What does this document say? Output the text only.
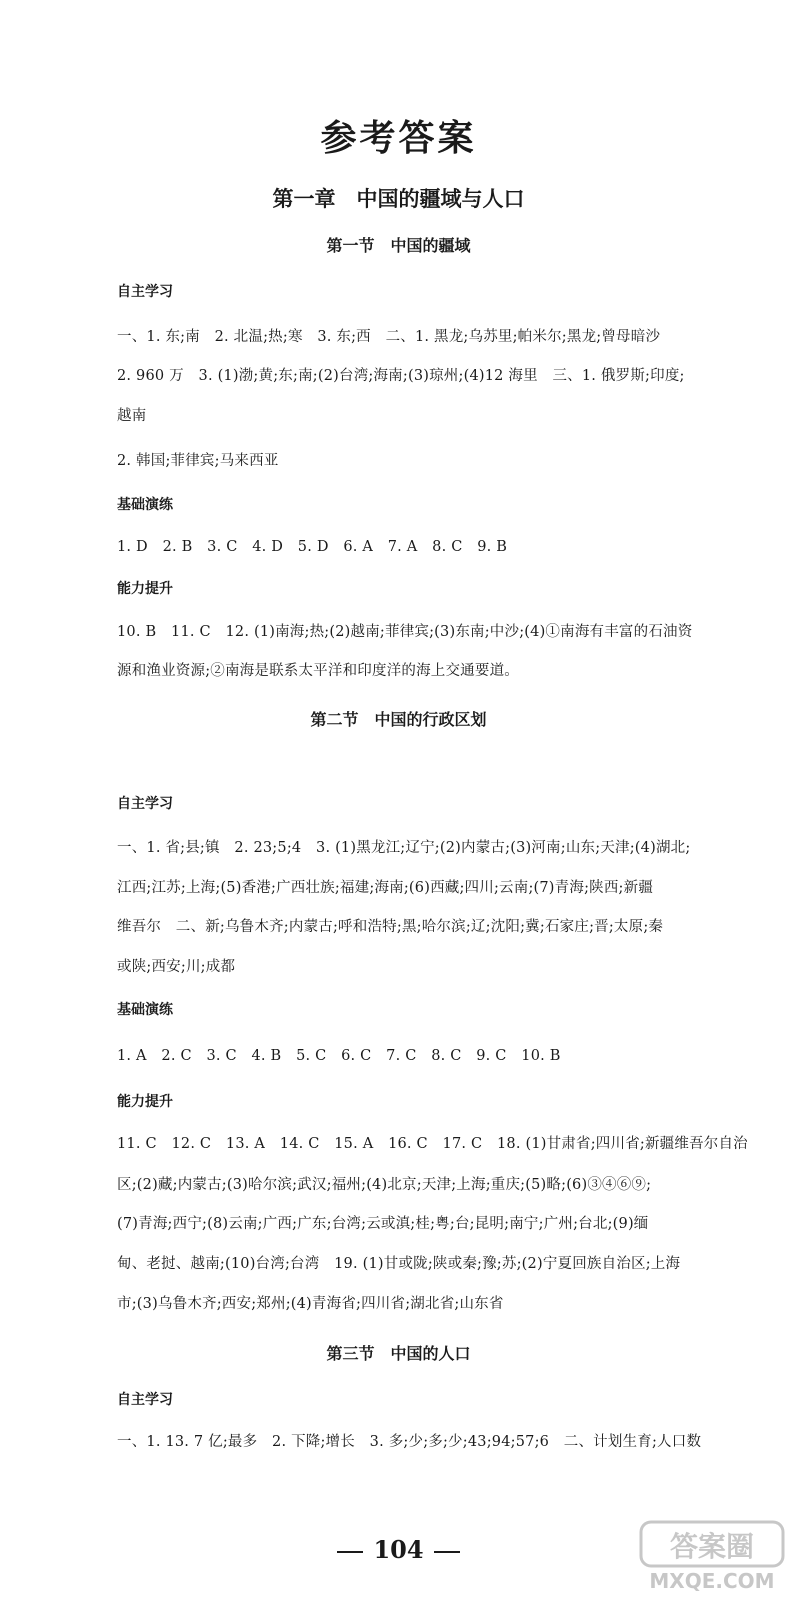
参考答案
第一章　中国的疆域与人口
第一节　中国的疆域
自主学习
一、1. 东;南　2. 北温;热;寒　3. 东;西　二、1. 黑龙;乌苏里;帕米尔;黑龙;曾母暗沙
2. 960 万　3. (1)渤;黄;东;南;(2)台湾;海南;(3)琼州;(4)12 海里　三、1. 俄罗斯;印度;
越南
2. 韩国;菲律宾;马来西亚
基础演练
1. D　2. B　3. C　4. D　5. D　6. A　7. A　8. C　9. B
能力提升
10. B　11. C　12. (1)南海;热;(2)越南;菲律宾;(3)东南;中沙;(4)①南海有丰富的石油资
源和渔业资源;②南海是联系太平洋和印度洋的海上交通要道。
第二节　中国的行政区划
自主学习
一、1. 省;县;镇　2. 23;5;4　3. (1)黑龙江;辽宁;(2)内蒙古;(3)河南;山东;天津;(4)湖北;
江西;江苏;上海;(5)香港;广西壮族;福建;海南;(6)西藏;四川;云南;(7)青海;陕西;新疆
维吾尔　二、新;乌鲁木齐;内蒙古;呼和浩特;黑;哈尔滨;辽;沈阳;冀;石家庄;晋;太原;秦
或陕;西安;川;成都
基础演练
1. A　2. C　3. C　4. B　5. C　6. C　7. C　8. C　9. C　10. B
能力提升
11. C　12. C　13. A　14. C　15. A　16. C　17. C　18. (1)甘肃省;四川省;新疆维吾尔自治
区;(2)藏;内蒙古;(3)哈尔滨;武汉;福州;(4)北京;天津;上海;重庆;(5)略;(6)③④⑥⑨;
(7)青海;西宁;(8)云南;广西;广东;台湾;云或滇;桂;粤;台;昆明;南宁;广州;台北;(9)缅
甸、老挝、越南;(10)台湾;台湾　19. (1)甘或陇;陕或秦;豫;苏;(2)宁夏回族自治区;上海
市;(3)乌鲁木齐;西安;郑州;(4)青海省;四川省;湖北省;山东省
第三节　中国的人口
自主学习
一、1. 13. 7 亿;最多　2. 下降;增长　3. 多;少;多;少;43;94;57;6　二、计划生育;人口数
104	答案圈
MXQE.COM
